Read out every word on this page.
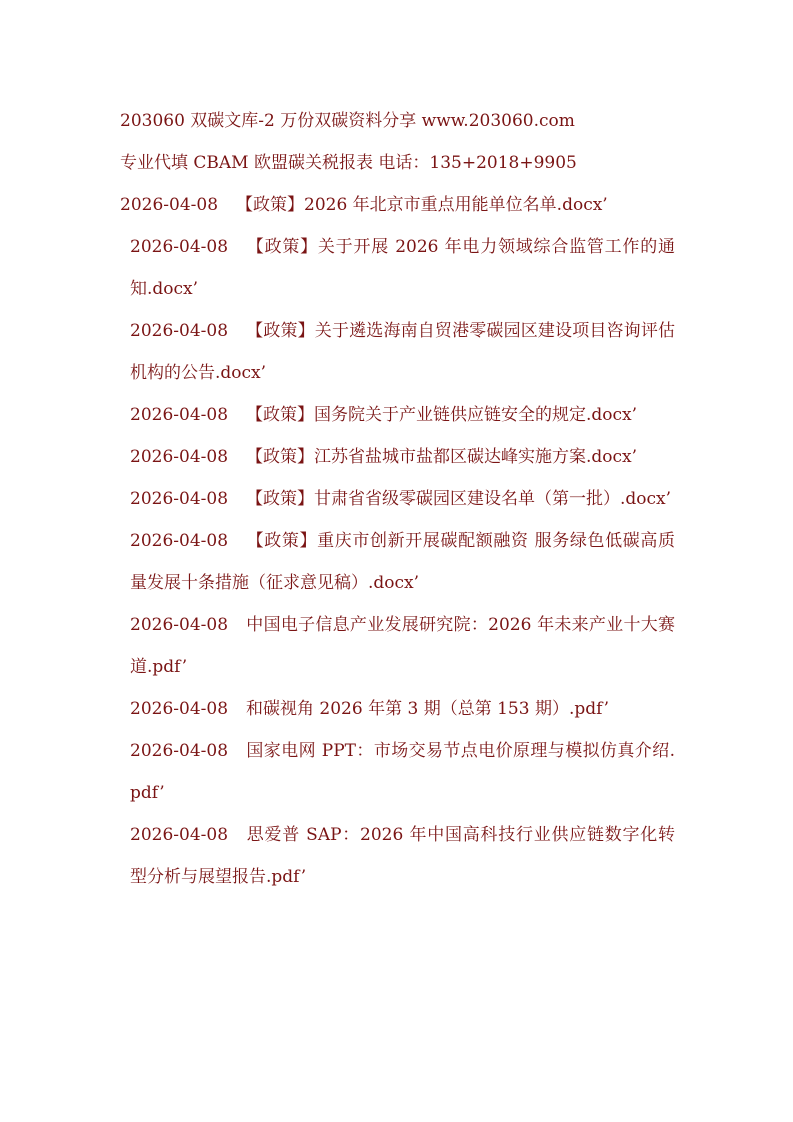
203060 双碳文库-2 万份双碳资料分享 www.203060.com
专业代填 CBAM 欧盟碳关税报表 电话：135+2018+9905
2026-04-08 【政策】2026 年北京市重点用能单位名单.docx’
2026-04-08 【政策】关于开展 2026 年电力领域综合监管工作的通知.docx’
2026-04-08 【政策】关于遴选海南自贸港零碳园区建设项目咨询评估机构的公告.docx’
2026-04-08 【政策】国务院关于产业链供应链安全的规定.docx’
2026-04-08 【政策】江苏省盐城市盐都区碳达峰实施方案.docx’
2026-04-08 【政策】甘肃省省级零碳园区建设名单（第一批）.docx’
2026-04-08 【政策】重庆市创新开展碳配额融资 服务绿色低碳高质量发展十条措施（征求意见稿）.docx’
2026-04-08 中国电子信息产业发展研究院：2026 年未来产业十大赛道.pdf’
2026-04-08 和碳视角 2026 年第 3 期（总第 153 期）.pdf’
2026-04-08 国家电网 PPT：市场交易节点电价原理与模拟仿真介绍.pdf’
2026-04-08 思爱普 SAP：2026 年中国高科技行业供应链数字化转型分析与展望报告.pdf’
